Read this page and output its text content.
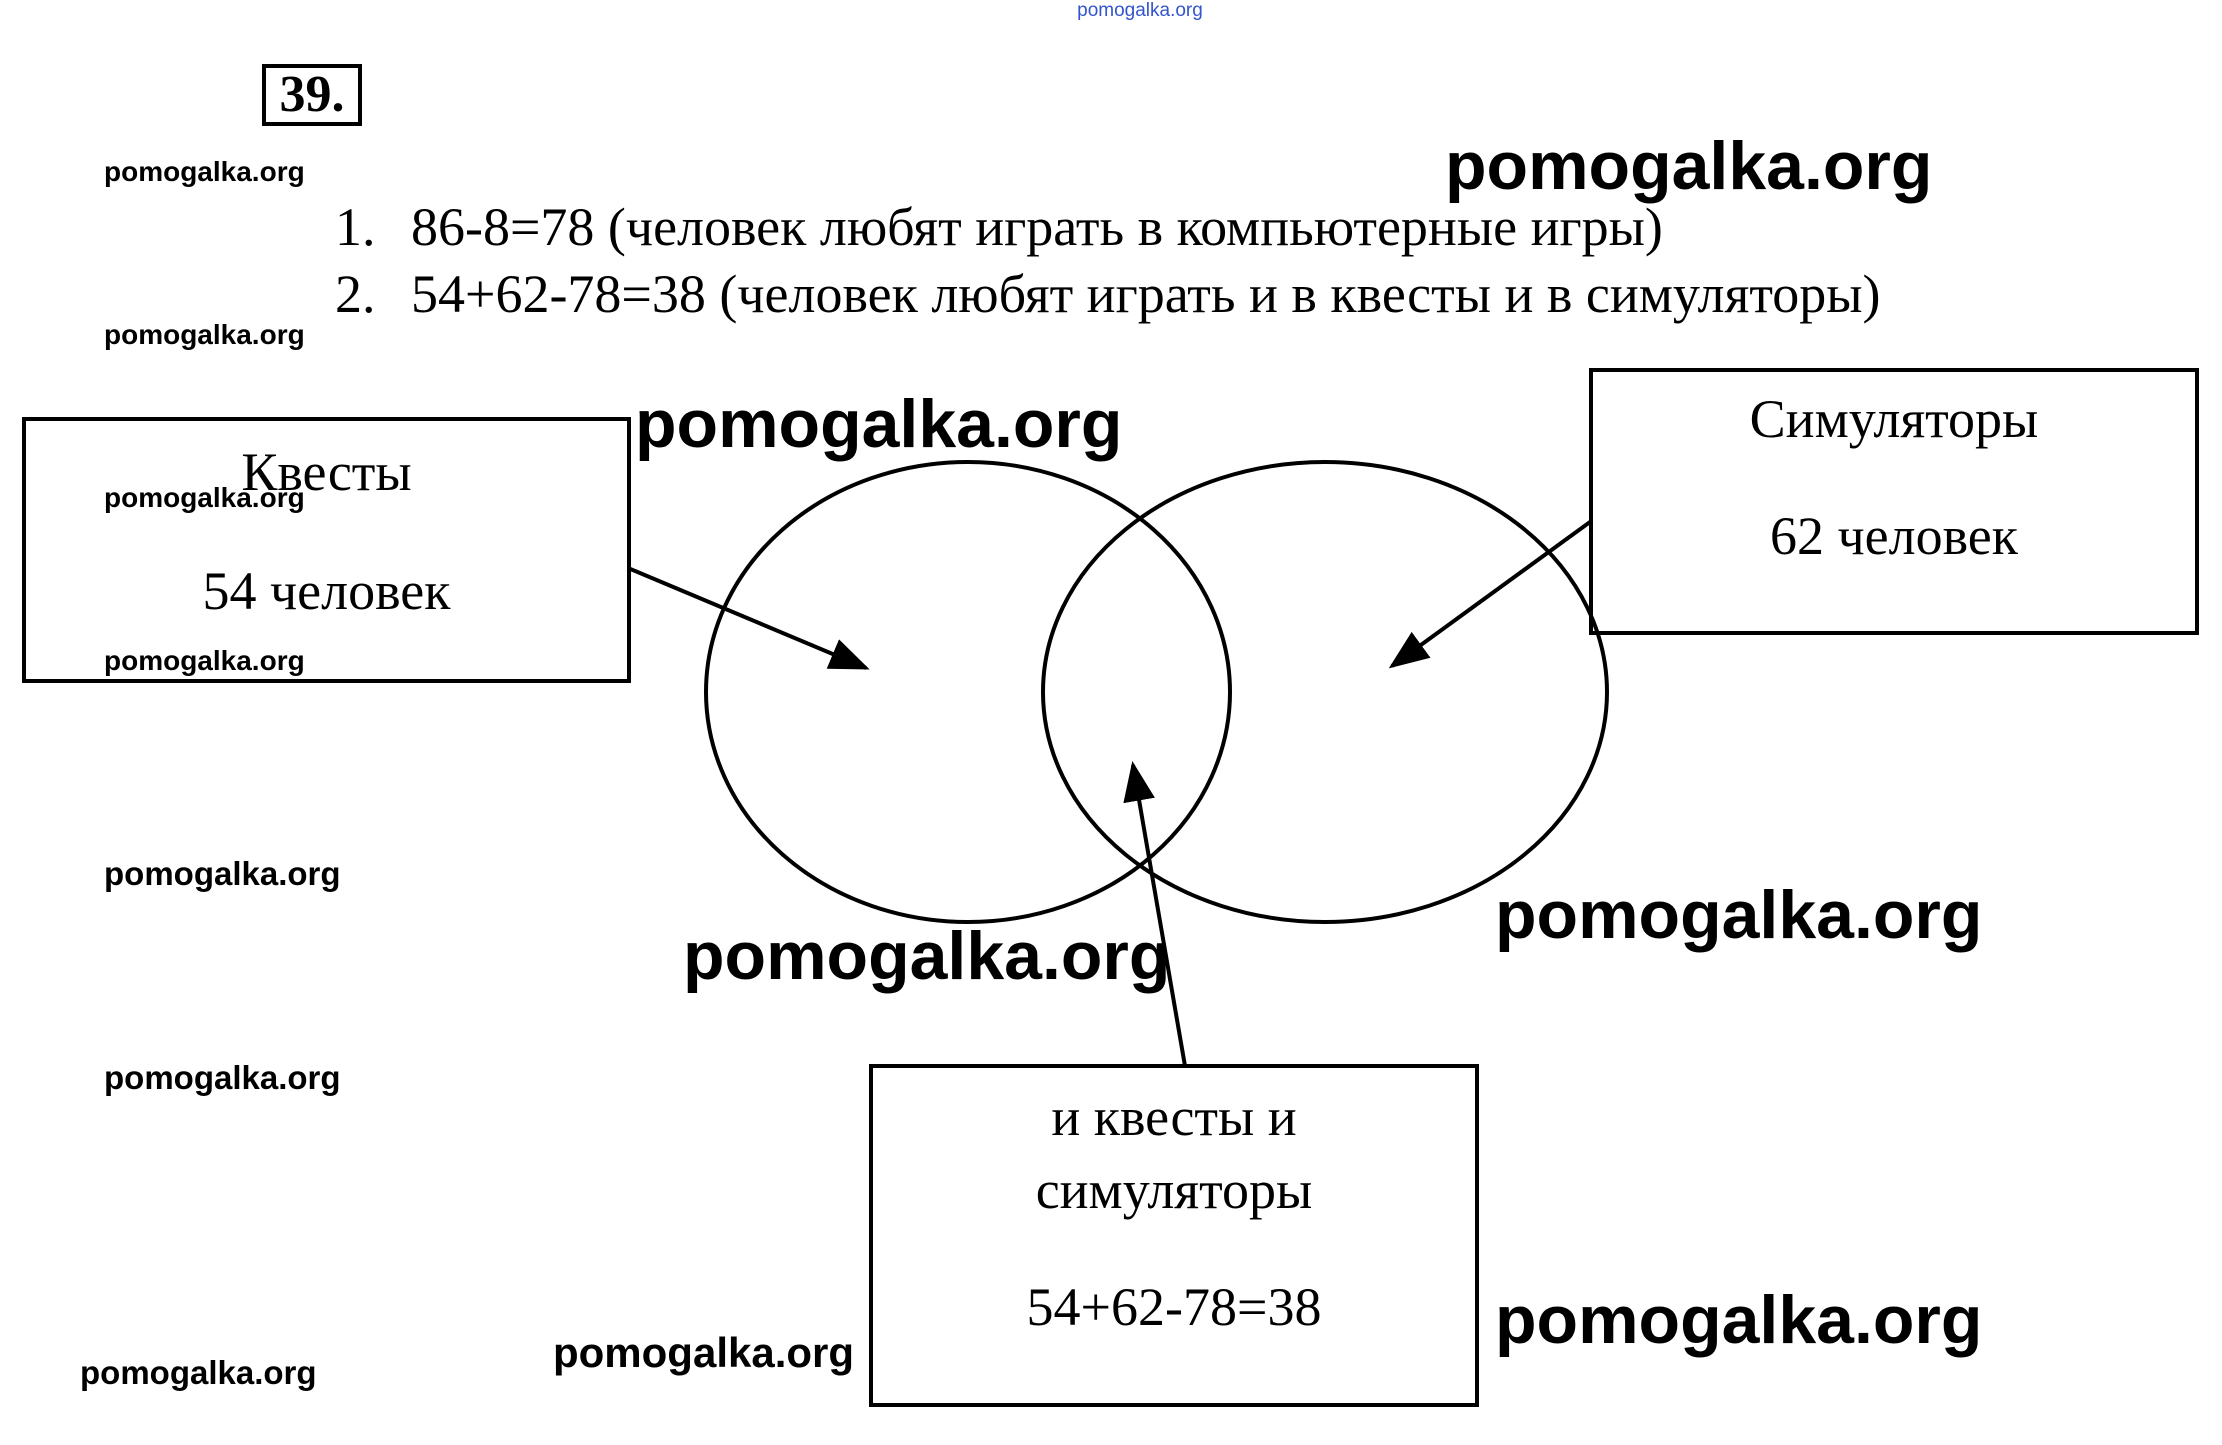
pomogalka.org
39.
1. 86-8=78 (человек любят играть в компьютерные игры)
2. 54+62-78=38 (человек любят играть и в квесты и в симуляторы)
Квесты
54 человек
Симуляторы
62 человек
и квесты и
симуляторы
54+62-78=38
pomogalka.org
pomogalka.org
pomogalka.org
pomogalka.org
pomogalka.org
pomogalka.org
pomogalka.org	pomogalka.org
pomogalka.org
pomogalka.org
pomogalka.org
pomogalka.org
pomogalka.org
